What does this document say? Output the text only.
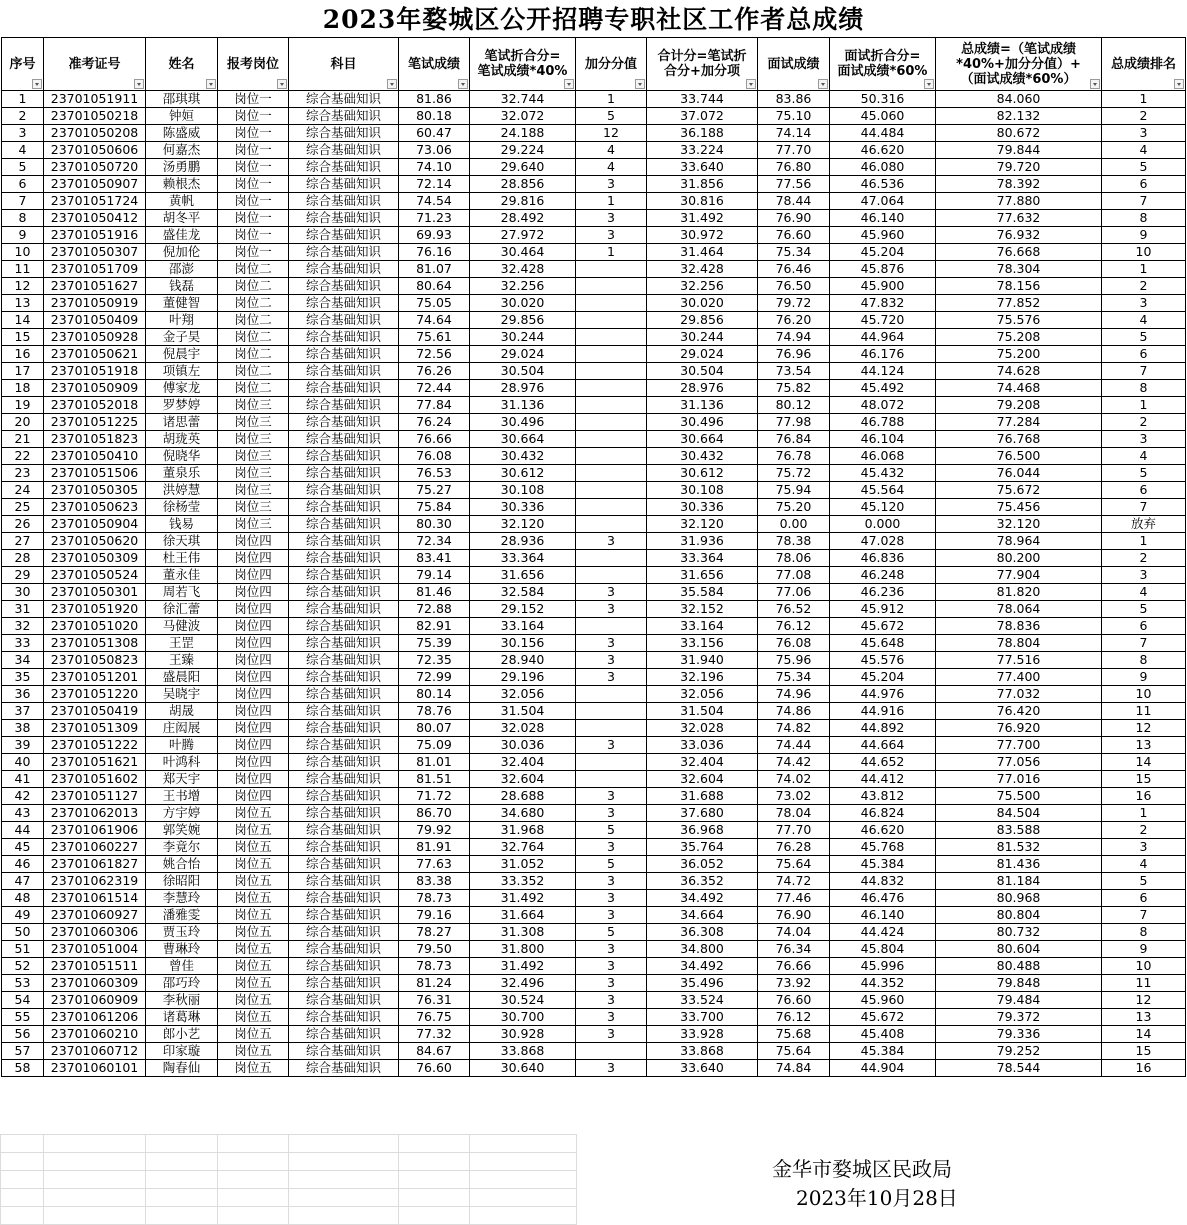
2023年婺城区公开招聘专职社区工作者总成绩
序号	准考证号	姓名	报考岗位	科目	笔试成绩	笔试折合分=
笔试成绩*40%	加分分值	合计分=笔试折
合分+加分项	面试成绩	面试折合分=
面试成绩*60%	总成绩=（笔试成绩
*40%+加分分值）+
（面试成绩*60%）	总成绩排名

1	23701051911	邵琪琪	岗位一	综合基础知识	81.86	32.744	1	33.744	83.86	50.316	84.060	1
2	23701050218	钟姮	岗位一	综合基础知识	80.18	32.072	5	37.072	75.10	45.060	82.132	2
3	23701050208	陈盛威	岗位一	综合基础知识	60.47	24.188	12	36.188	74.14	44.484	80.672	3
4	23701050606	何嘉杰	岗位一	综合基础知识	73.06	29.224	4	33.224	77.70	46.620	79.844	4
5	23701050720	汤勇鹏	岗位一	综合基础知识	74.10	29.640	4	33.640	76.80	46.080	79.720	5
6	23701050907	赖根杰	岗位一	综合基础知识	72.14	28.856	3	31.856	77.56	46.536	78.392	6
7	23701051724	黄帆	岗位一	综合基础知识	74.54	29.816	1	30.816	78.44	47.064	77.880	7
8	23701050412	胡冬平	岗位一	综合基础知识	71.23	28.492	3	31.492	76.90	46.140	77.632	8
9	23701051916	盛佳龙	岗位一	综合基础知识	69.93	27.972	3	30.972	76.60	45.960	76.932	9
10	23701050307	倪加伦	岗位一	综合基础知识	76.16	30.464	1	31.464	75.34	45.204	76.668	10
11	23701051709	邵澎	岗位二	综合基础知识	81.07	32.428		32.428	76.46	45.876	78.304	1
12	23701051627	钱磊	岗位二	综合基础知识	80.64	32.256		32.256	76.50	45.900	78.156	2
13	23701050919	董健智	岗位二	综合基础知识	75.05	30.020		30.020	79.72	47.832	77.852	3
14	23701050409	叶翔	岗位二	综合基础知识	74.64	29.856		29.856	76.20	45.720	75.576	4
15	23701050928	金子昊	岗位二	综合基础知识	75.61	30.244		30.244	74.94	44.964	75.208	5
16	23701050621	倪晨宇	岗位二	综合基础知识	72.56	29.024		29.024	76.96	46.176	75.200	6
17	23701051918	项镇左	岗位二	综合基础知识	76.26	30.504		30.504	73.54	44.124	74.628	7
18	23701050909	傅家龙	岗位二	综合基础知识	72.44	28.976		28.976	75.82	45.492	74.468	8
19	23701052018	罗梦婷	岗位三	综合基础知识	77.84	31.136		31.136	80.12	48.072	79.208	1
20	23701051225	诸思蕾	岗位三	综合基础知识	76.24	30.496		30.496	77.98	46.788	77.284	2
21	23701051823	胡珑英	岗位三	综合基础知识	76.66	30.664		30.664	76.84	46.104	76.768	3
22	23701050410	倪晓华	岗位三	综合基础知识	76.08	30.432		30.432	76.78	46.068	76.500	4
23	23701051506	董泉乐	岗位三	综合基础知识	76.53	30.612		30.612	75.72	45.432	76.044	5
24	23701050305	洪婷慧	岗位三	综合基础知识	75.27	30.108		30.108	75.94	45.564	75.672	6
25	23701050623	徐杨莹	岗位三	综合基础知识	75.84	30.336		30.336	75.20	45.120	75.456	7
26	23701050904	钱易	岗位三	综合基础知识	80.30	32.120		32.120	0.00	0.000	32.120	放弃
27	23701050620	徐天琪	岗位四	综合基础知识	72.34	28.936	3	31.936	78.38	47.028	78.964	1
28	23701050309	杜王伟	岗位四	综合基础知识	83.41	33.364		33.364	78.06	46.836	80.200	2
29	23701050524	董永佳	岗位四	综合基础知识	79.14	31.656		31.656	77.08	46.248	77.904	3
30	23701050301	周若飞	岗位四	综合基础知识	81.46	32.584	3	35.584	77.06	46.236	81.820	4
31	23701051920	徐汇蕾	岗位四	综合基础知识	72.88	29.152	3	32.152	76.52	45.912	78.064	5
32	23701051020	马健波	岗位四	综合基础知识	82.91	33.164		33.164	76.12	45.672	78.836	6
33	23701051308	王罡	岗位四	综合基础知识	75.39	30.156	3	33.156	76.08	45.648	78.804	7
34	23701050823	王臻	岗位四	综合基础知识	72.35	28.940	3	31.940	75.96	45.576	77.516	8
35	23701051201	盛晨阳	岗位四	综合基础知识	72.99	29.196	3	32.196	75.34	45.204	77.400	9
36	23701051220	吴晓宇	岗位四	综合基础知识	80.14	32.056		32.056	74.96	44.976	77.032	10
37	23701050419	胡晟	岗位四	综合基础知识	78.76	31.504		31.504	74.86	44.916	76.420	11
38	23701051309	庄闳展	岗位四	综合基础知识	80.07	32.028		32.028	74.82	44.892	76.920	12
39	23701051222	叶腾	岗位四	综合基础知识	75.09	30.036	3	33.036	74.44	44.664	77.700	13
40	23701051621	叶鸿科	岗位四	综合基础知识	81.01	32.404		32.404	74.42	44.652	77.056	14
41	23701051602	郑天宇	岗位四	综合基础知识	81.51	32.604		32.604	74.02	44.412	77.016	15
42	23701051127	王书增	岗位四	综合基础知识	71.72	28.688	3	31.688	73.02	43.812	75.500	16
43	23701062013	方宇婷	岗位五	综合基础知识	86.70	34.680	3	37.680	78.04	46.824	84.504	1
44	23701061906	郭笑婉	岗位五	综合基础知识	79.92	31.968	5	36.968	77.70	46.620	83.588	2
45	23701060227	李竟尔	岗位五	综合基础知识	81.91	32.764	3	35.764	76.28	45.768	81.532	3
46	23701061827	姚合怡	岗位五	综合基础知识	77.63	31.052	5	36.052	75.64	45.384	81.436	4
47	23701062319	徐昭阳	岗位五	综合基础知识	83.38	33.352	3	36.352	74.72	44.832	81.184	5
48	23701061514	李慧玲	岗位五	综合基础知识	78.73	31.492	3	34.492	77.46	46.476	80.968	6
49	23701060927	潘雅雯	岗位五	综合基础知识	79.16	31.664	3	34.664	76.90	46.140	80.804	7
50	23701060306	贾玉玲	岗位五	综合基础知识	78.27	31.308	5	36.308	74.04	44.424	80.732	8
51	23701051004	曹琳玲	岗位五	综合基础知识	79.50	31.800	3	34.800	76.34	45.804	80.604	9
52	23701051511	曾佳	岗位五	综合基础知识	78.73	31.492	3	34.492	76.66	45.996	80.488	10
53	23701060309	邵巧玲	岗位五	综合基础知识	81.24	32.496	3	35.496	73.92	44.352	79.848	11
54	23701060909	李秋丽	岗位五	综合基础知识	76.31	30.524	3	33.524	76.60	45.960	79.484	12
55	23701061206	诸葛琳	岗位五	综合基础知识	76.75	30.700	3	33.700	76.12	45.672	79.372	13
56	23701060210	郎小艺	岗位五	综合基础知识	77.32	30.928	3	33.928	75.68	45.408	79.336	14
57	23701060712	印家璇	岗位五	综合基础知识	84.67	33.868		33.868	75.64	45.384	79.252	15
58	23701060101	陶春仙	岗位五	综合基础知识	76.60	30.640	3	33.640	74.84	44.904	78.544	16
金华市婺城区民政局
2023年10月28日
